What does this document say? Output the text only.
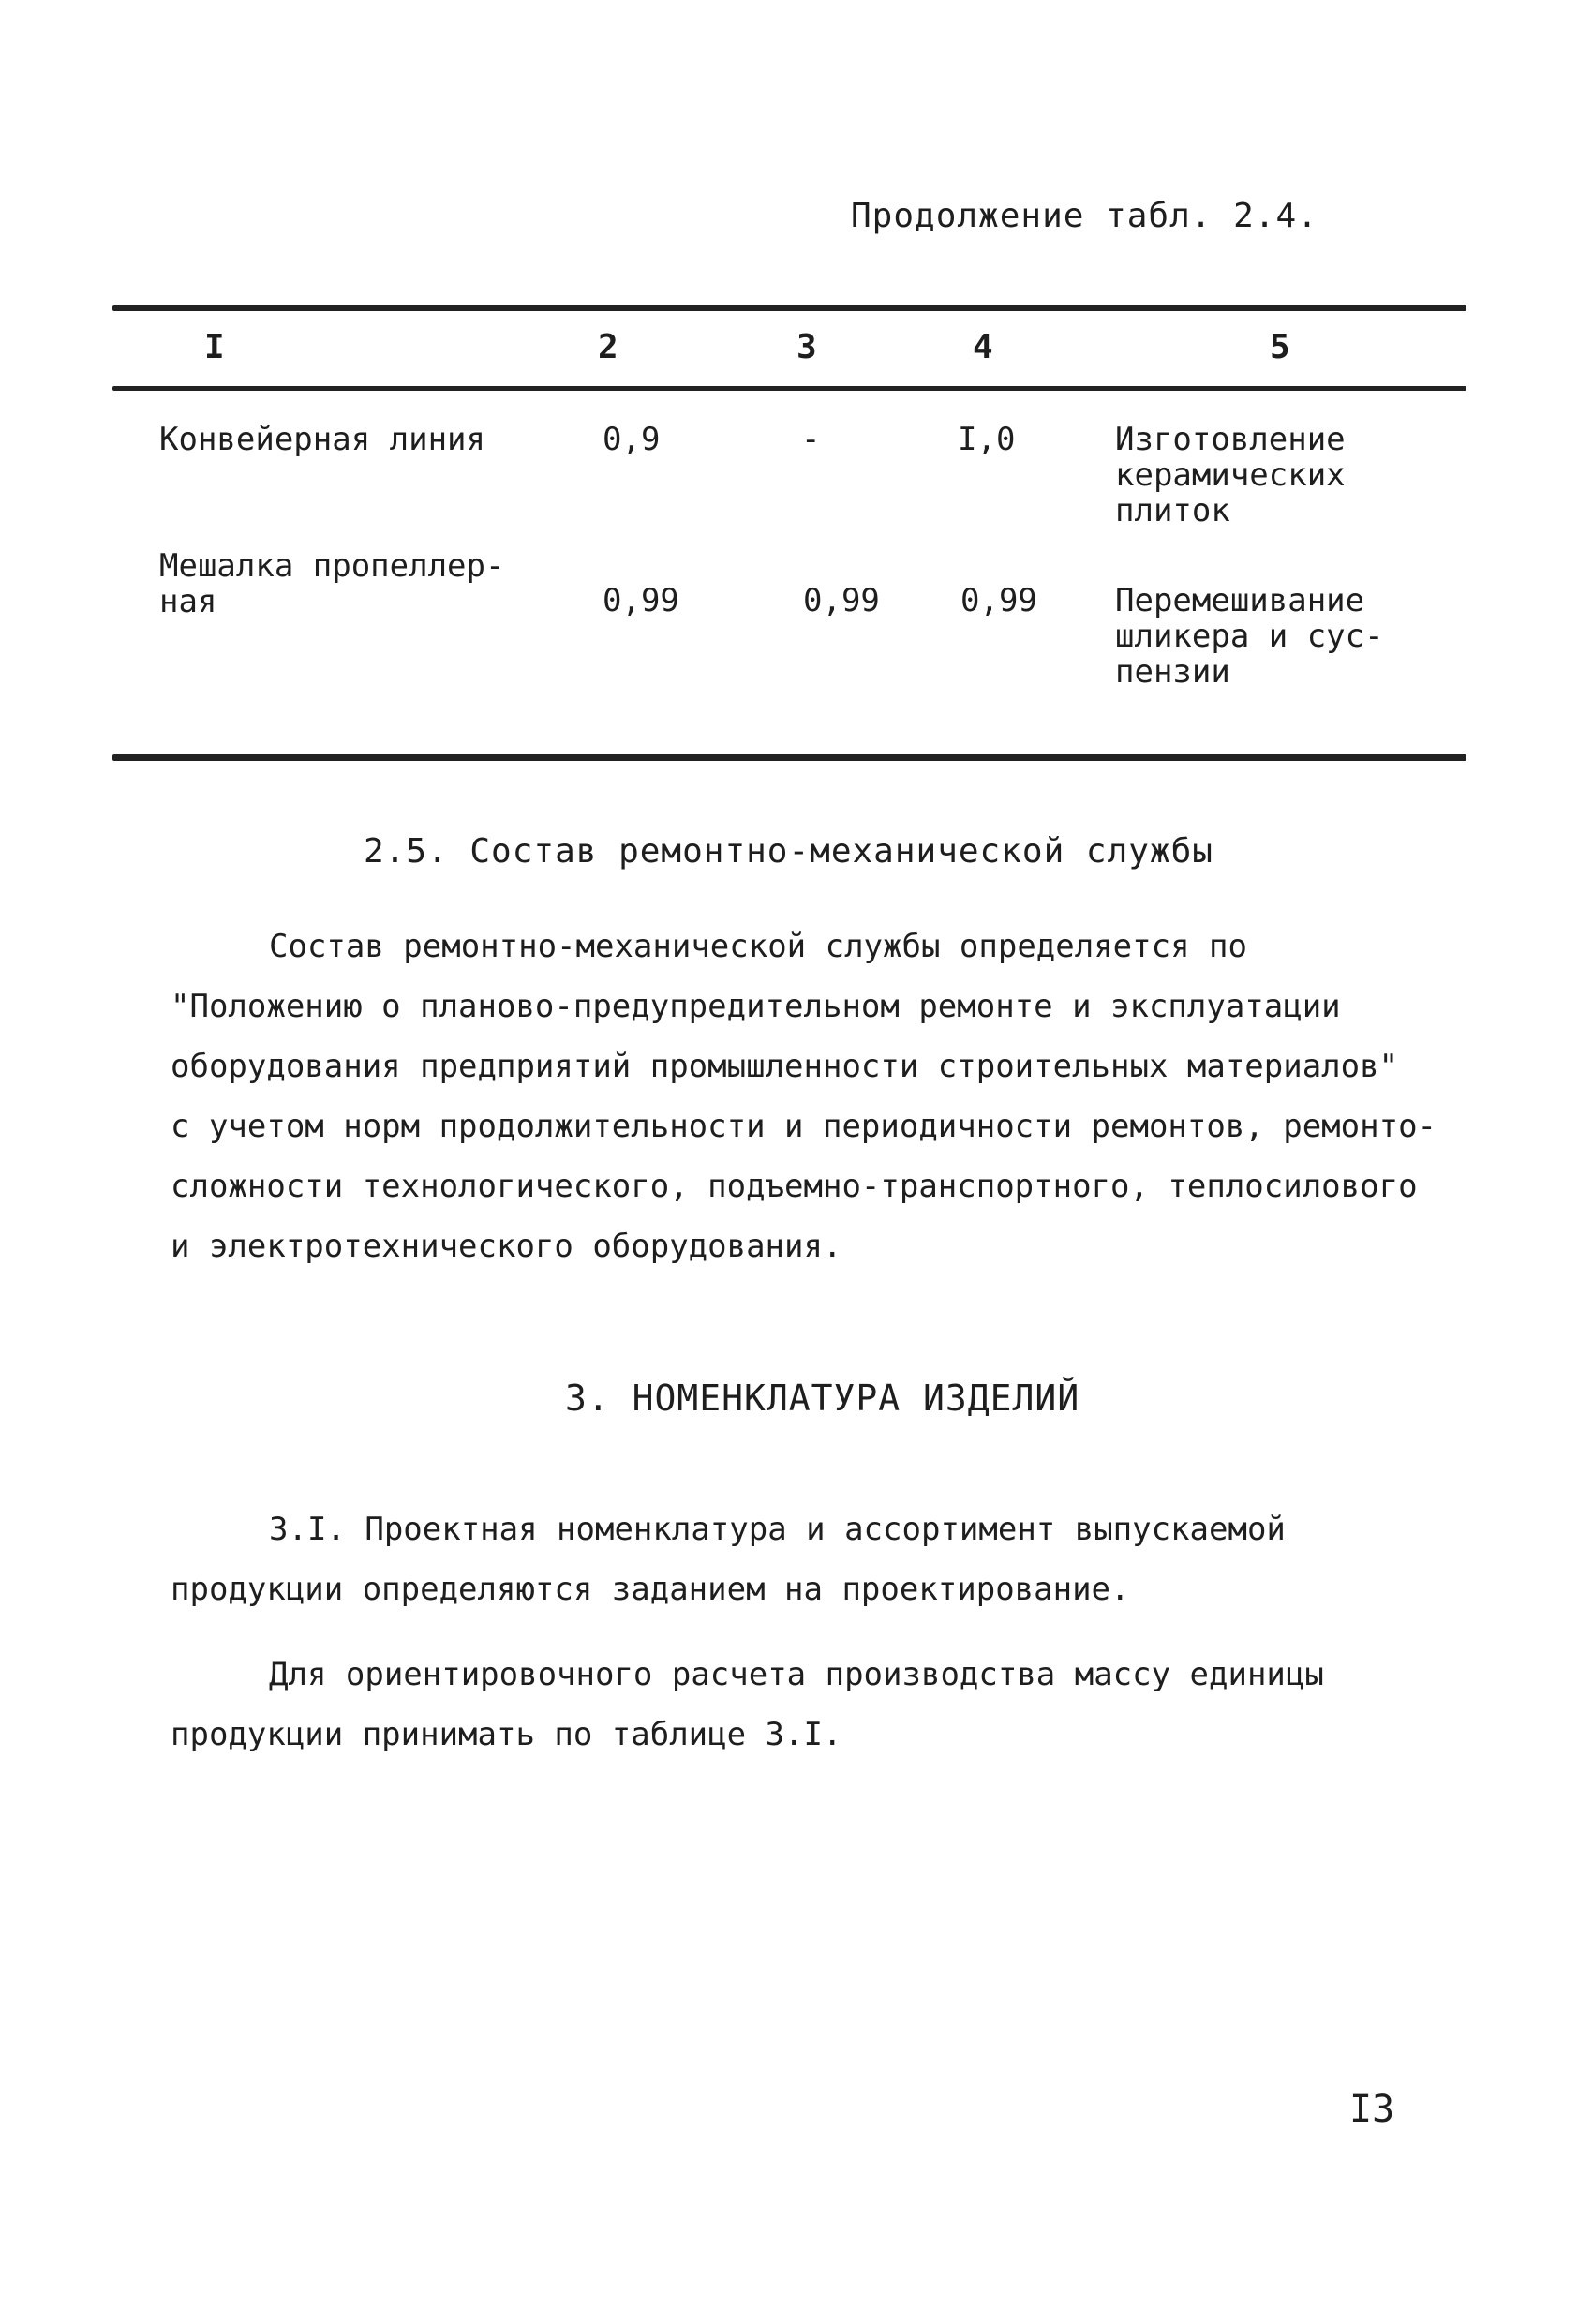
Продолжение табл. 2.4.
I	2	3	4	5
Конвейерная линия	0,9	-	I,0	Изготовление
керамических
плиток
Мешалка пропеллер-
ная	0,99	0,99	0,99 Перемешивание
шликера и сус-
пензии
2.5. Состав ремонтно-механической службы
Состав ремонтно-механической службы определяется по
"Положению о планово-предупредительном ремонте и эксплуатации
оборудования предприятий промышленности строительных материалов"
с учетом норм продолжительности и периодичности ремонтов, ремонто-
сложности технологического, подъемно-транспортного, теплосилового
и электротехнического оборудования.
3. НОМЕНКЛАТУРА ИЗДЕЛИЙ
3.I. Проектная номенклатура и ассортимент выпускаемой
продукции определяются заданием на проектирование.
Для ориентировочного расчета производства массу единицы
продукции принимать по таблице 3.I.
I3
